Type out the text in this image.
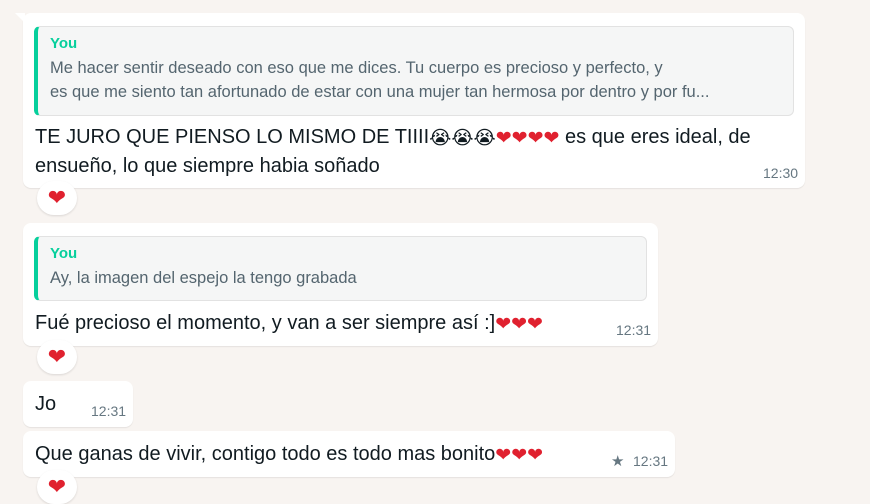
You
Me hacer sentir deseado con eso que me dices. Tu cuerpo es precioso y perfecto, y
es que me siento tan afortunado de estar con una mujer tan hermosa por dentro y por fu...
TE JURO QUE PIENSO LO MISMO DE TIIII😭😭😭❤❤❤❤ es que eres ideal, de
ensueño, lo que siempre habia soñado	12:30
❤
You
Ay, la imagen del espejo la tengo grabada
Fué precioso el momento, y van a ser siempre así :]❤❤❤	12:31
❤
Jo 12:31
Que ganas de vivir, contigo todo es todo mas bonito❤❤❤	★ 12:31
❤
